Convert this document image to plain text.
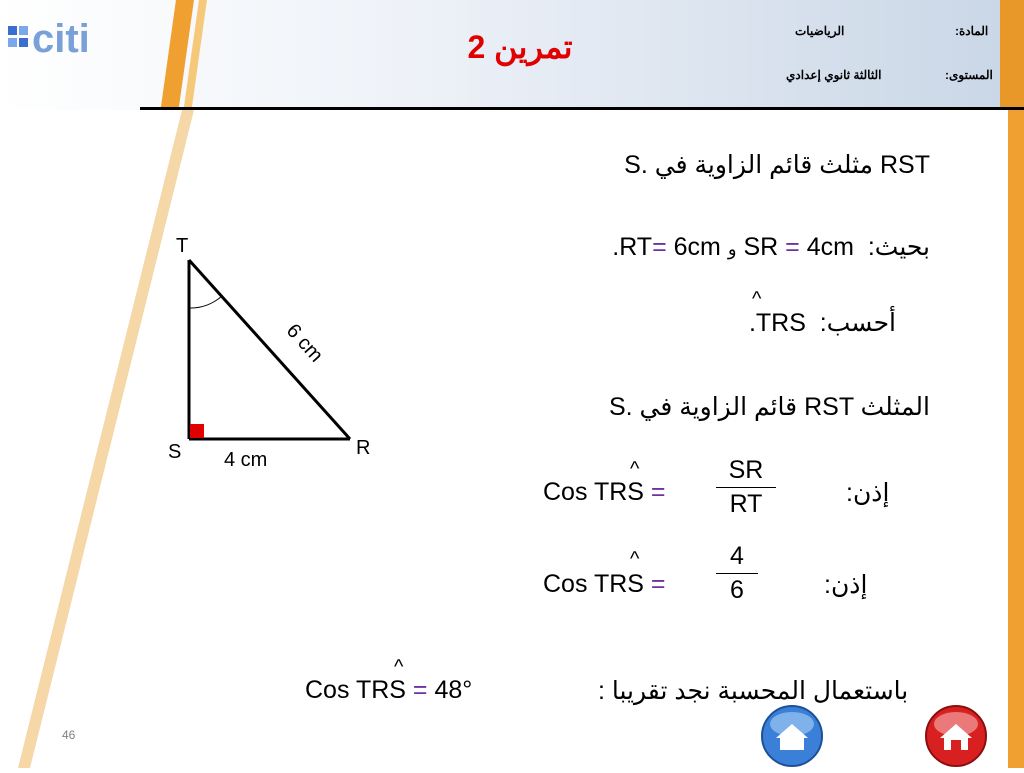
citi	تمرين 2	المادة:
الرياضيات
المستوى:
الثالثة ثانوي إعدادي
T
S	R
4 cm
6 cm
S. مثلث قائم الزاوية في RST
.RT= 6cm و SR = 4cm بحيث:
^
.TRS أحسب:
S. قائم الزاوية في RST المثلث
^
Cos TRS =
SR
RT	إذن:
^
Cos TRS =
4
6	إذن:
^
Cos TRS = 48°	باستعمال المحسبة نجد تقريبا :
46
